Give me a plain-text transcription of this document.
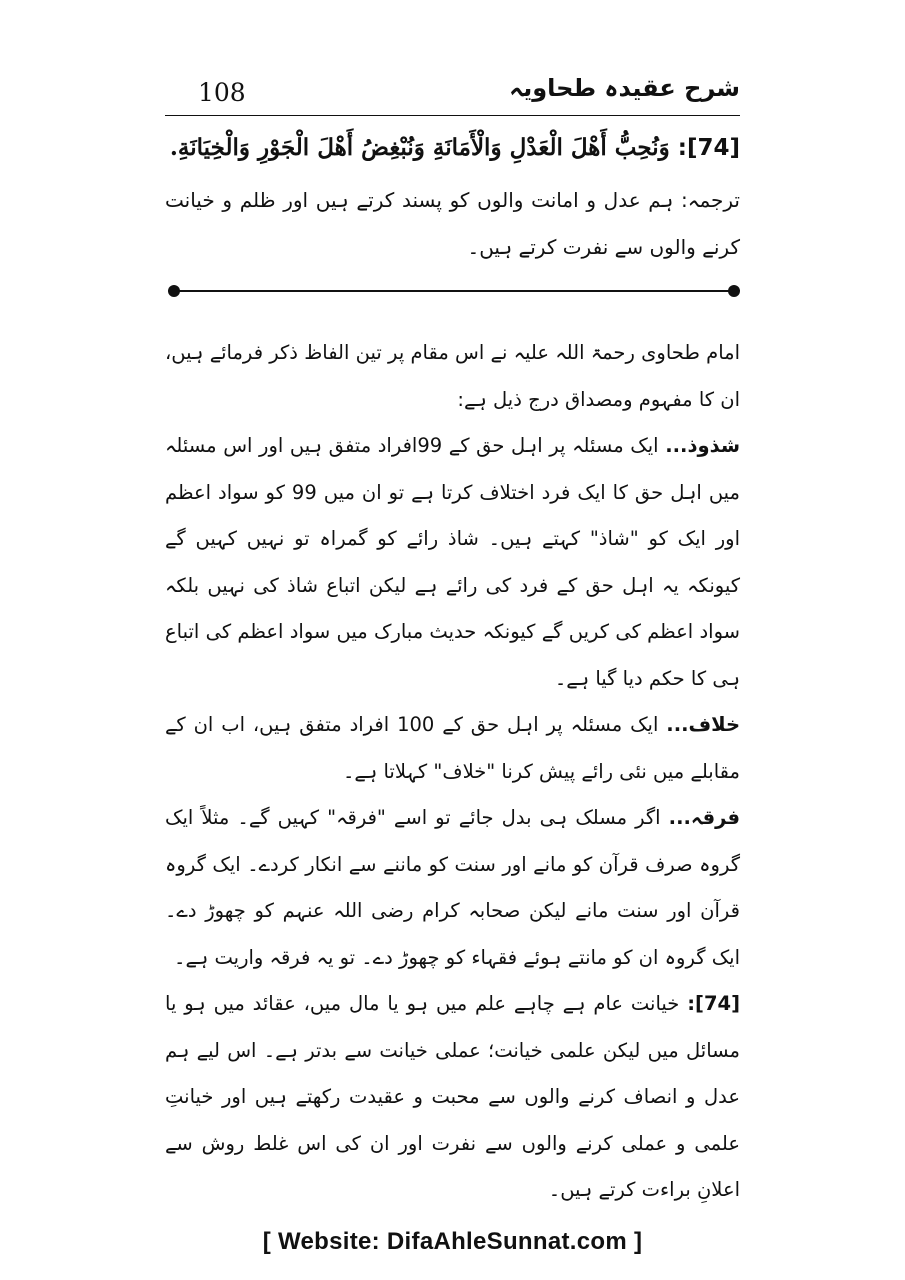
108	شرح عقیدہ طحاویہ
[74]: وَنُحِبُّ أَهْلَ الْعَدْلِ وَالْأَمَانَةِ وَنُبْغِضُ أَهْلَ الْجَوْرِ وَالْخِيَانَةِ.
ترجمہ: ہم عدل و امانت والوں کو پسند کرتے ہیں اور ظلم و خیانت کرنے والوں سے نفرت کرتے ہیں۔

امام طحاوی رحمۃ اللہ علیہ نے اس مقام پر تین الفاظ ذکر فرمائے ہیں، ان کا مفہوم ومصداق درج ذیل ہے:

شذوذ... ایک مسئلہ پر اہل حق کے 99افراد متفق ہیں اور اس مسئلہ میں اہل حق کا ایک فرد اختلاف کرتا ہے تو ان میں 99 کو سواد اعظم اور ایک کو "شاذ" کہتے ہیں۔ شاذ رائے کو گمراہ تو نہیں کہیں گے کیونکہ یہ اہل حق کے فرد کی رائے ہے لیکن اتباع شاذ کی نہیں بلکہ سواد اعظم کی کریں گے کیونکہ حدیث مبارک میں سواد اعظم کی اتباع ہی کا حکم دیا گیا ہے۔

خلاف... ایک مسئلہ پر اہل حق کے 100 افراد متفق ہیں، اب ان کے مقابلے میں نئی رائے پیش کرنا "خلاف" کہلاتا ہے۔

فرقہ... اگر مسلک ہی بدل جائے تو اسے "فرقہ" کہیں گے۔ مثلاً ایک گروہ صرف قرآن کو مانے اور سنت کو ماننے سے انکار کردے۔ ایک گروہ قرآن اور سنت مانے لیکن صحابہ کرام رضی اللہ عنہم کو چھوڑ دے۔ ایک گروہ ان کو مانتے ہوئے فقہاء کو چھوڑ دے۔ تو یہ فرقہ واریت ہے۔

[74]: خیانت عام ہے چاہے علم میں ہو یا مال میں، عقائد میں ہو یا مسائل میں لیکن علمی خیانت؛ عملی خیانت سے بدتر ہے۔ اس لیے ہم عدل و انصاف کرنے والوں سے محبت و عقیدت رکھتے ہیں اور خیانتِ علمی و عملی کرنے والوں سے نفرت اور ان کی اس غلط روش سے اعلانِ براءت کرتے ہیں۔

[ Website: DifaAhleSunnat.com ]
